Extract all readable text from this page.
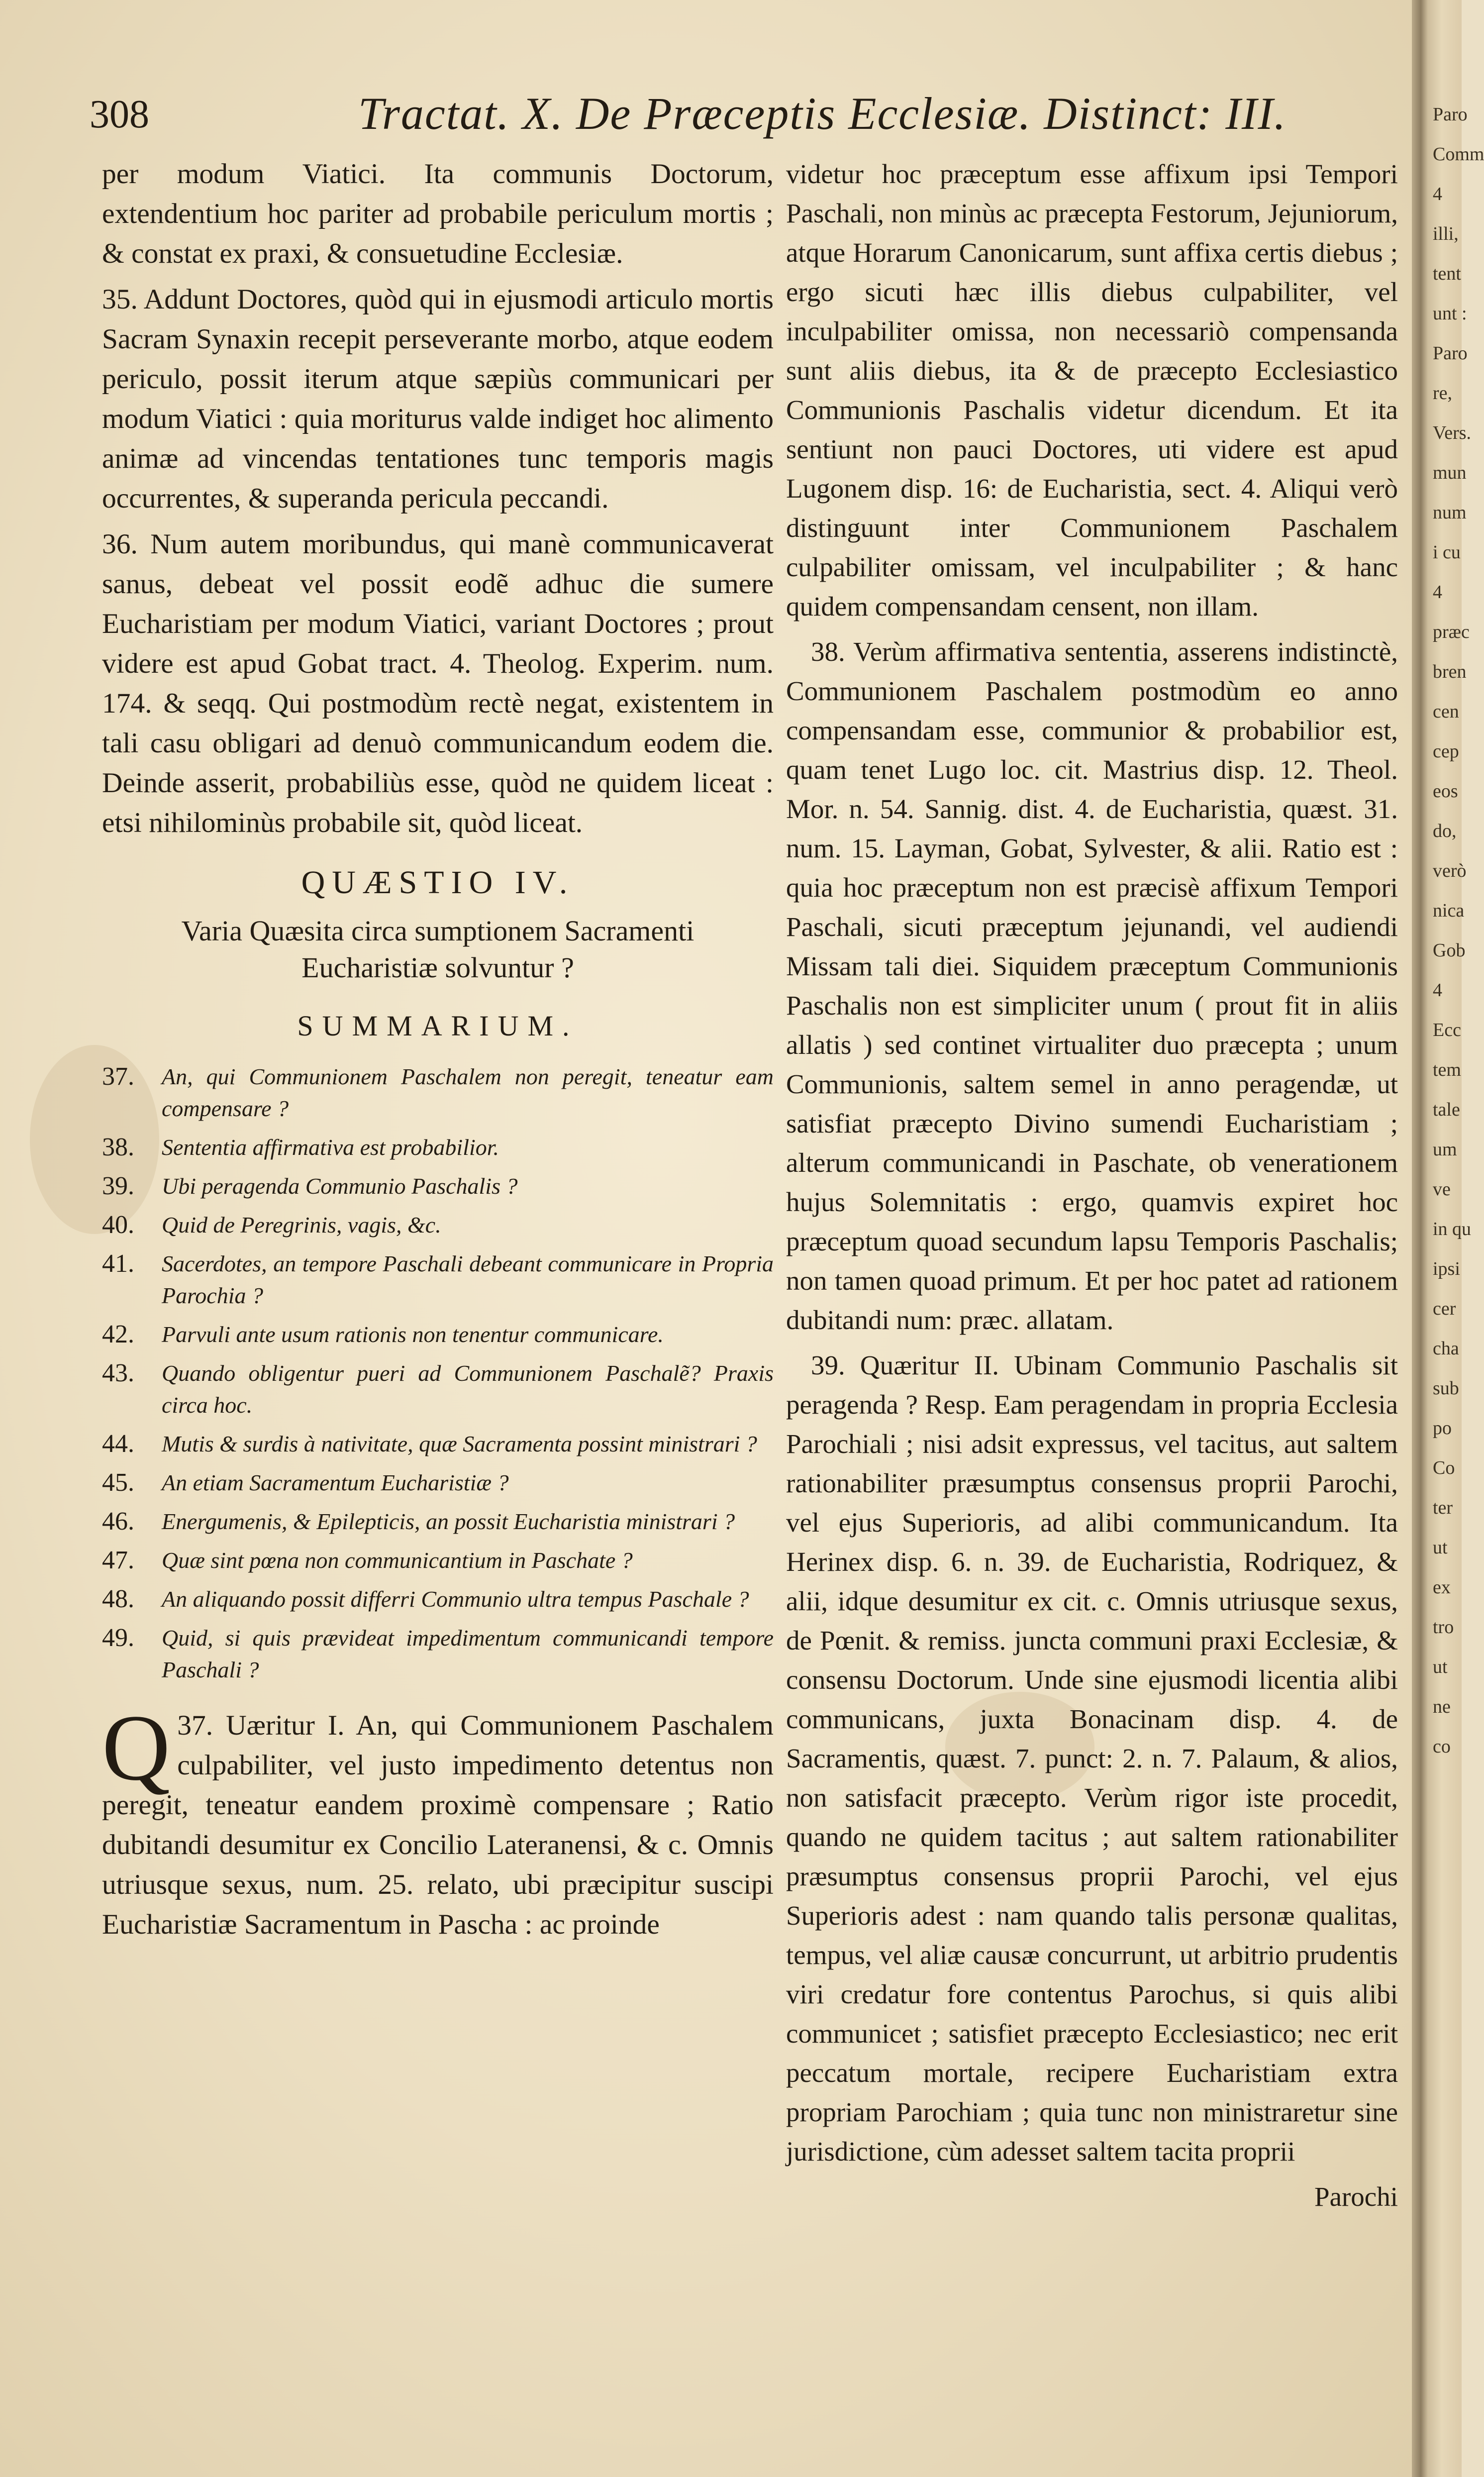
308	Tractat. X. De Præceptis Ecclesiæ. Distinct: III.

per modum Viatici. Ita communis Doctorum, extendentium hoc pariter ad probabile periculum mortis ; & constat ex praxi, & consuetudine Ecclesiæ.

35. Addunt Doctores, quòd qui in ejusmodi articulo mortis Sacram Synaxin recepit perseverante morbo, atque eodem periculo, possit iterum atque sæpiùs communicari per modum Viatici : quia moriturus valde indiget hoc alimento animæ ad vincendas tentationes tunc temporis magis occurrentes, & superanda pericula peccandi.

36. Num autem moribundus, qui manè communicaverat sanus, debeat vel possit eodẽ adhuc die sumere Eucharistiam per modum Viatici, variant Doctores ; prout videre est apud Gobat tract. 4. Theolog. Experim. num. 174. & seqq. Qui postmodùm rectè negat, existentem in tali casu obligari ad denuò communicandum eodem die. Deinde asserit, probabiliùs esse, quòd ne quidem liceat : etsi nihilominùs probabile sit, quòd liceat.

QUÆSTIO IV.
Varia Quæsita circa sumptionem Sacramenti Eucharistiæ solvuntur ?
SUMMARIUM.
37.	An, qui Communionem Paschalem non peregit, teneatur eam compensare ?
38.	Sententia affirmativa est probabilior.
39.	Ubi peragenda Communio Paschalis ?
40.	Quid de Peregrinis, vagis, &c.
41.	Sacerdotes, an tempore Paschali debeant communicare in Propria Parochia ?
42.	Parvuli ante usum rationis non tenentur communicare.
43.	Quando obligentur pueri ad Communionem Paschalẽ? Praxis circa hoc.
44.	Mutis & surdis à nativitate, quæ Sacramenta possint ministrari ?
45.	An etiam Sacramentum Eucharistiæ ?
46.	Energumenis, & Epilepticis, an possit Eucharistia ministrari ?
47.	Quæ sint pœna non communicantium in Paschate ?
48.	An aliquando possit differri Communio ultra tempus Paschale ?
49.	Quid, si quis prævideat impedimentum communicandi tempore Paschali ?

37.
Q Uæritur I. An, qui Communionem Paschalem culpabiliter, vel justo impedimento detentus non peregit, teneatur eandem proximè compensare ; Ratio dubitandi desumitur ex Concilio Lateranensi, & c. Omnis utriusque sexus, num. 25. relato, ubi præcipitur suscipi Eucharistiæ Sacramentum in Pascha : ac proinde

videtur hoc præceptum esse affixum ipsi Tempori Paschali, non minùs ac præcepta Festorum, Jejuniorum, atque Horarum Canonicarum, sunt affixa certis diebus ; ergo sicuti hæc illis diebus culpabiliter, vel inculpabiliter omissa, non necessariò compensanda sunt aliis diebus, ita & de præcepto Ecclesiastico Communionis Paschalis videtur dicendum. Et ita sentiunt non pauci Doctores, uti videre est apud Lugonem disp. 16: de Eucharistia, sect. 4. Aliqui verò distinguunt inter Communionem Paschalem culpabiliter omissam, vel inculpabiliter ; & hanc quidem compensandam censent, non illam.

38. Verùm affirmativa sententia, asserens indistinctè, Communionem Paschalem postmodùm eo anno compensandam esse, communior & probabilior est, quam tenet Lugo loc. cit. Mastrius disp. 12. Theol. Mor. n. 54. Sannig. dist. 4. de Eucharistia, quæst. 31. num. 15. Layman, Gobat, Sylvester, & alii. Ratio est : quia hoc præceptum non est præcisè affixum Tempori Paschali, sicuti præceptum jejunandi, vel audiendi Missam tali diei. Siquidem præceptum Communionis Paschalis non est simpliciter unum ( prout fit in aliis allatis ) sed continet virtualiter duo præcepta ; unum Communionis, saltem semel in anno peragendæ, ut satisfiat præcepto Divino sumendi Eucharistiam ; alterum communicandi in Paschate, ob venerationem hujus Solemnitatis : ergo, quamvis expiret hoc præceptum quoad secundum lapsu Temporis Paschalis; non tamen quoad primum. Et per hoc patet ad rationem dubitandi num: præc. allatam.

39. Quæritur II. Ubinam Communio Paschalis sit peragenda ? Resp. Eam peragendam in propria Ecclesia Parochiali ; nisi adsit expressus, vel tacitus, aut saltem rationabiliter præsumptus consensus proprii Parochi, vel ejus Superioris, ad alibi communicandum. Ita Herinex disp. 6. n. 39. de Eucharistia, Rodriquez, & alii, idque desumitur ex cit. c. Omnis utriusque sexus, de Pœnit. & remiss. juncta communi praxi Ecclesiæ, & consensu Doctorum. Unde sine ejusmodi licentia alibi communicans, juxta Bonacinam disp. 4. de Sacramentis, quæst. 7. punct: 2. n. 7. Palaum, & alios, non satisfacit præcepto. Verùm rigor iste procedit, quando ne quidem tacitus ; aut saltem rationabiliter præsumptus consensus proprii Parochi, vel ejus Superioris adest : nam quando talis personæ qualitas, tempus, vel aliæ causæ concurrunt, ut arbitrio prudentis viri credatur fore contentus Parochus, si quis alibi communicet ; satisfiet præcepto Ecclesiastico; nec erit peccatum mortale, recipere Eucharistiam extra propriam Parochiam ; quia tunc non ministraretur sine jurisdictione, cùm adesset saltem tacita proprii

Parochi

Paro
Comm
4
illi,
tent
unt :
Paro
re,
Vers.
mun
num
i cu
4
præc
bren
cen
cep
eos
do,
verò
nica
Gob
4
Ecc
tem
tale
um
ve
in qu
ipsi
cer
cha
sub
po
Co
ter
ut
ex
tro
ut
ne
co
